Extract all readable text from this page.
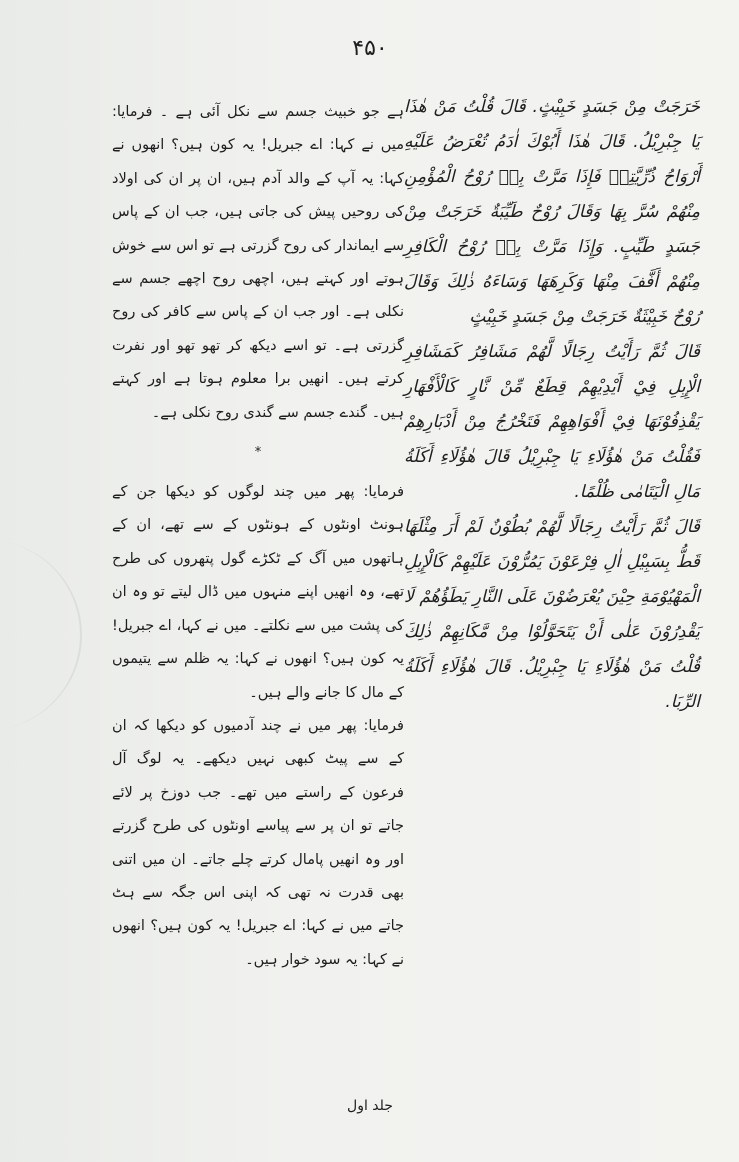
۴۵۰

ہے جو خبیث جسم سے نکل آئی ہے ۔ فرمایا: میں نے کہا: اے جبریل! یہ کون ہیں؟ انھوں نے کہا: یہ آپ کے والد آدم ہیں، ان پر ان کی اولاد کی روحیں پیش کی جاتی ہیں، جب ان کے پاس سے ایماندار کی روح گزرتی ہے تو اس سے خوش ہوتے اور کہتے ہیں، اچھی روح اچھے جسم سے نکلی ہے۔ اور جب ان کے پاس سے کافر کی روح گزرتی ہے۔ تو اسے دیکھ کر تھو تھو اور نفرت کرتے ہیں۔ انھیں برا معلوم ہوتا ہے اور کہتے ہیں۔ گندے جسم سے گندی روح نکلی ہے۔

*

فرمایا: پھر میں چند لوگوں کو دیکھا جن کے ہونٹ اونٹوں کے ہونٹوں کے سے تھے، ان کے ہاتھوں میں آگ کے ٹکڑے گول پتھروں کی طرح تھے، وہ انھیں اپنے منہوں میں ڈال لیتے تو وہ ان کی پشت میں سے نکلتے۔ میں نے کہا، اے جبریل! یہ کون ہیں؟ انھوں نے کہا: یہ ظلم سے یتیموں کے مال کا جانے والے ہیں۔

فرمایا: پھر میں نے چند آدمیوں کو دیکھا کہ ان کے سے پیٹ کبھی نہیں دیکھے۔ یہ لوگ آل فرعون کے راستے میں تھے۔ جب دوزخ پر لائے جاتے تو ان پر سے پیاسے اونٹوں کی طرح گزرتے اور وہ انھیں پامال کرتے چلے جاتے۔ ان میں اتنی بھی قدرت نہ تھی کہ اپنی اس جگہ سے ہٹ جاتے میں نے کہا: اے جبریل! یہ کون ہیں؟ انھوں نے کہا: یہ سود خوار ہیں۔

خَرَجَتْ مِنْ جَسَدٍ خَبِيْثٍ. قَالَ قُلْتُ مَنْ هٰذَا يَا جِبْرِيْلُ. قَالَ هٰذَا أَبُوْكَ اٰدَمُ تُعْرَضُ عَلَيْهِ أَرْوَاحُ ذُرِّيَّتِهٖ فَإِذَا مَرَّتْ بِهٖ رُوْحُ الْمُؤْمِنِ مِنْهُمْ سُرَّ بِهَا وَقَالَ رُوْحٌ طَيِّبَةٌ خَرَجَتْ مِنْ جَسَدٍ طَيِّبٍ. وَإِذَا مَرَّتْ بِهٖ رُوْحُ الْكَافِرِ مِنْهُمْ أَفَّفَ مِنْهَا وَكَرِهَهَا وَسَاءَهُ ذٰلِكَ وَقَالَ رُوْحٌ خَبِيْثَةٌ خَرَجَتْ مِنْ جَسَدٍ خَبِيْثٍ

قَالَ ثُمَّ رَأَيْتُ رِجَالًا لَّهُمْ مَشَافِرُ كَمَشَافِرِ الْإِبِلِ فِيْ أَيْدِيْهِمْ قِطَعٌ مِّنْ نَّارٍ كَالْأَفْهَارِ يَقْذِفُوْنَهَا فِيْ أَفْوَاهِهِمْ فَتَخْرُجُ مِنْ أَدْبَارِهِمْ فَقُلْتُ مَنْ هٰؤُلَاءِ يَا جِبْرِيْلُ قَالَ هٰؤُلَاءِ أَكَلَةُ مَالِ الْيَتَامٰى ظُلْمًا.

قَالَ ثُمَّ رَأَيْتُ رِجَالًا لَّهُمْ بُطُوْنٌ لَمْ أَرَ مِثْلَهَا قَطُّ بِسَبِيْلِ اٰلِ فِرْعَوْنَ يَمُرُّوْنَ عَلَيْهِمْ كَالْإِبِلِ الْمَهْيُوْمَةِ حِيْنَ يُعْرَضُوْنَ عَلَى النَّارِ يَطَؤُهُمْ لَا يَقْدِرُوْنَ عَلٰى أَنْ يَتَحَوَّلُوْا مِنْ مَّكَانِهِمْ ذٰلِكَ قُلْتُ مَنْ هٰؤُلَاءِ يَا جِبْرِيْلُ. قَالَ هٰؤُلَاءِ أَكَلَةُ الرِّبَا.

جلد اول
